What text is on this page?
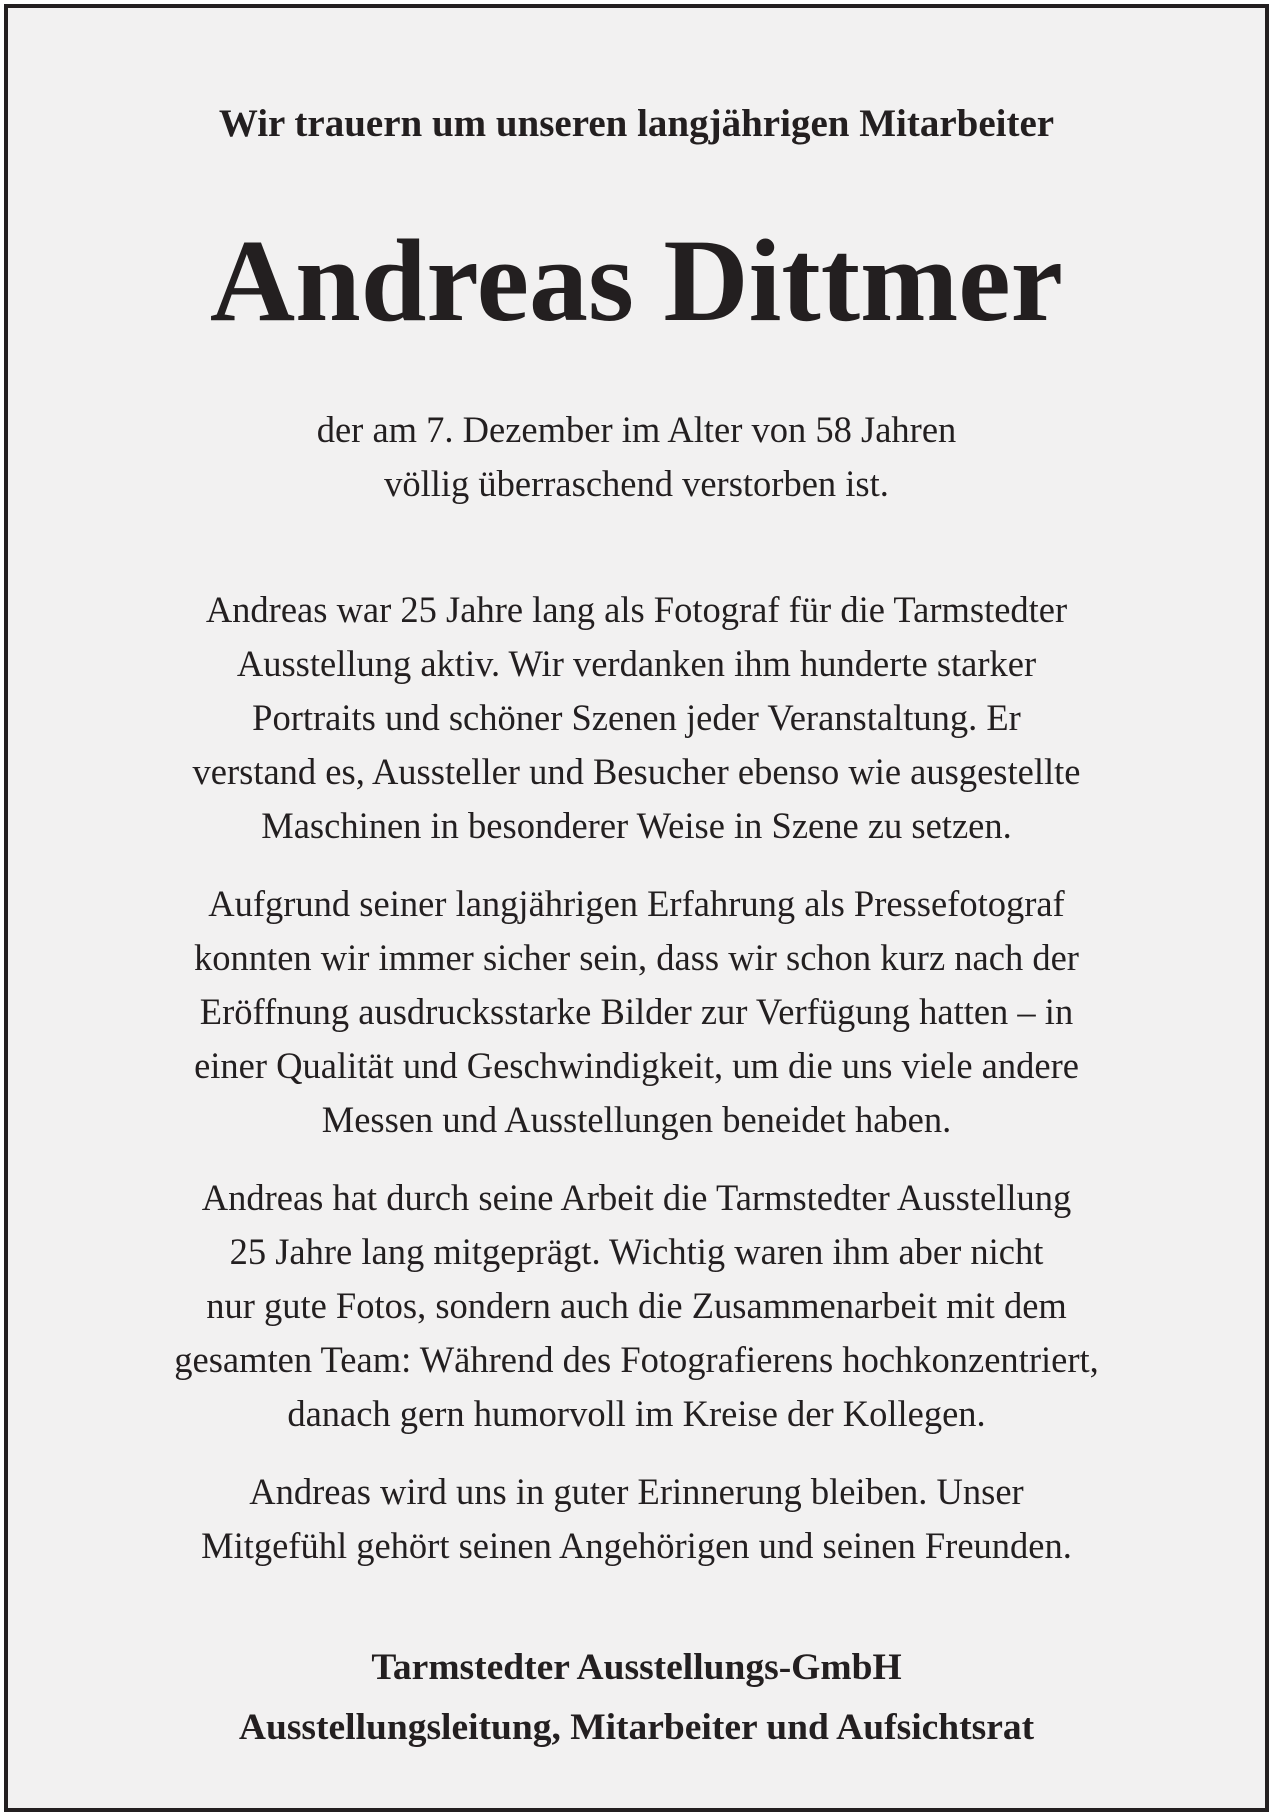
Wir trauern um unseren langjährigen Mitarbeiter
Andreas Dittmer
der am 7. Dezember im Alter von 58 Jahren
völlig überraschend verstorben ist.
Andreas war 25 Jahre lang als Fotograf für die Tarmstedter
Ausstellung aktiv. Wir verdanken ihm hunderte starker
Portraits und schöner Szenen jeder Veranstaltung. Er
verstand es, Aussteller und Besucher ebenso wie ausgestellte
Maschinen in besonderer Weise in Szene zu setzen.
Aufgrund seiner langjährigen Erfahrung als Pressefotograf
konnten wir immer sicher sein, dass wir schon kurz nach der
Eröffnung ausdrucksstarke Bilder zur Verfügung hatten – in
einer Qualität und Geschwindigkeit, um die uns viele andere
Messen und Ausstellungen beneidet haben.
Andreas hat durch seine Arbeit die Tarmstedter Ausstellung
25 Jahre lang mitgeprägt. Wichtig waren ihm aber nicht
nur gute Fotos, sondern auch die Zusammenarbeit mit dem
gesamten Team: Während des Fotografierens hochkonzentriert,
danach gern humorvoll im Kreise der Kollegen.
Andreas wird uns in guter Erinnerung bleiben. Unser
Mitgefühl gehört seinen Angehörigen und seinen Freunden.
Tarmstedter Ausstellungs-GmbH
Ausstellungsleitung, Mitarbeiter und Aufsichtsrat
